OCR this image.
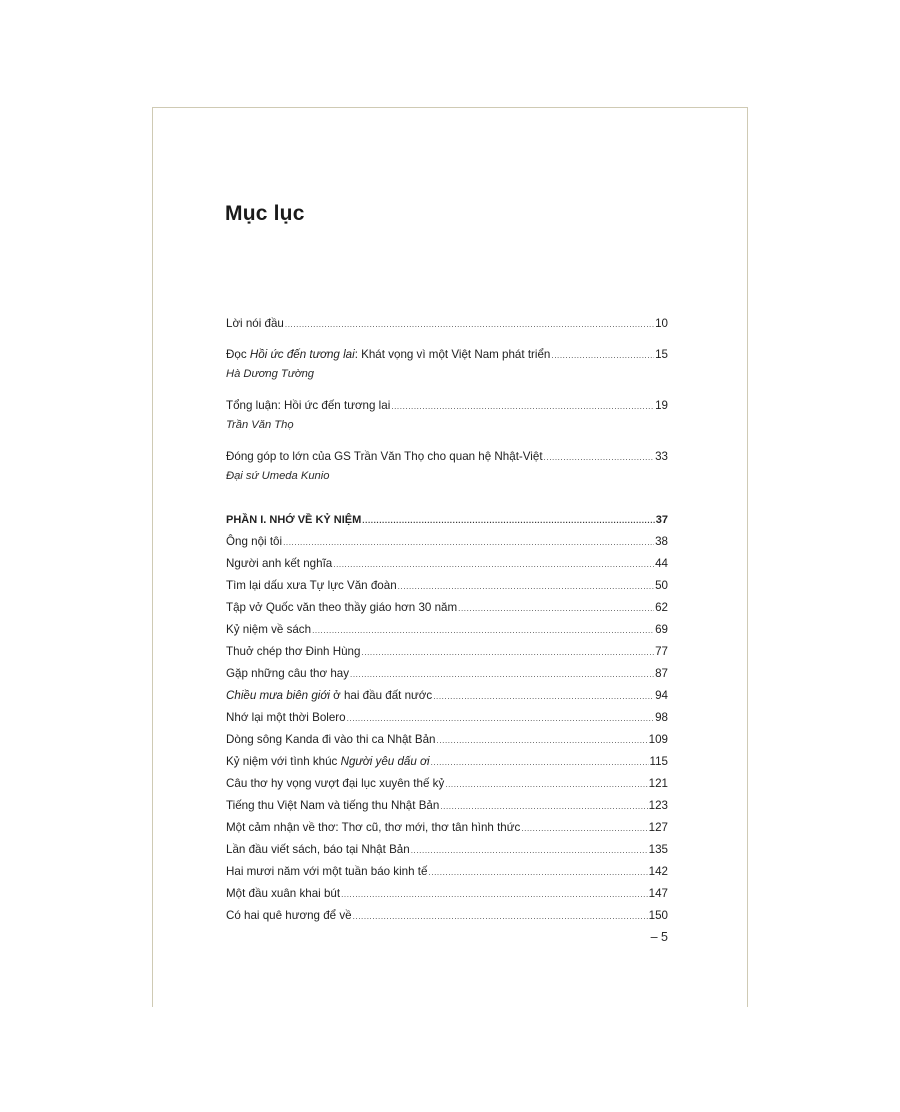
Mục lục
Lời nói đầu .....	10
Đọc Hồi ức đến tương lai: Khát vọng vì một Việt Nam phát triển .....	15
Hà Dương Tường
Tổng luận: Hồi ức đến tương lai .....	19
Trần Văn Thọ
Đóng góp to lớn của GS Trần Văn Thọ cho quan hệ Nhật-Việt .....	33
Đại sứ Umeda Kunio
PHẦN I. NHỚ VỀ KỶ NIỆM .....	37
Ông nội tôi .....	38
Người anh kết nghĩa .....	44
Tìm lại dấu xưa Tự lực Văn đoàn .....	50
Tập vở Quốc văn theo thầy giáo hơn 30 năm .....	62
Kỷ niệm về sách .....	69
Thuở chép thơ Đinh Hùng .....	77
Gặp những câu thơ hay .....	87
Chiều mưa biên giới ở hai đầu đất nước .....	94
Nhớ lại một thời Bolero .....	98
Dòng sông Kanda đi vào thi ca Nhật Bản .....	109
Kỷ niệm với tình khúc Người yêu dấu ơi .....	115
Câu thơ hy vọng vượt đại lục xuyên thế kỷ .....	121
Tiếng thu Việt Nam và tiếng thu Nhật Bản .....	123
Một cảm nhận về thơ: Thơ cũ, thơ mới, thơ tân hình thức .....	127
Lần đầu viết sách, báo tại Nhật Bản .....	135
Hai mươi năm với một tuần báo kinh tế .....	142
Một đầu xuân khai bút .....	147
Có hai quê hương để về .....	150
– 5
